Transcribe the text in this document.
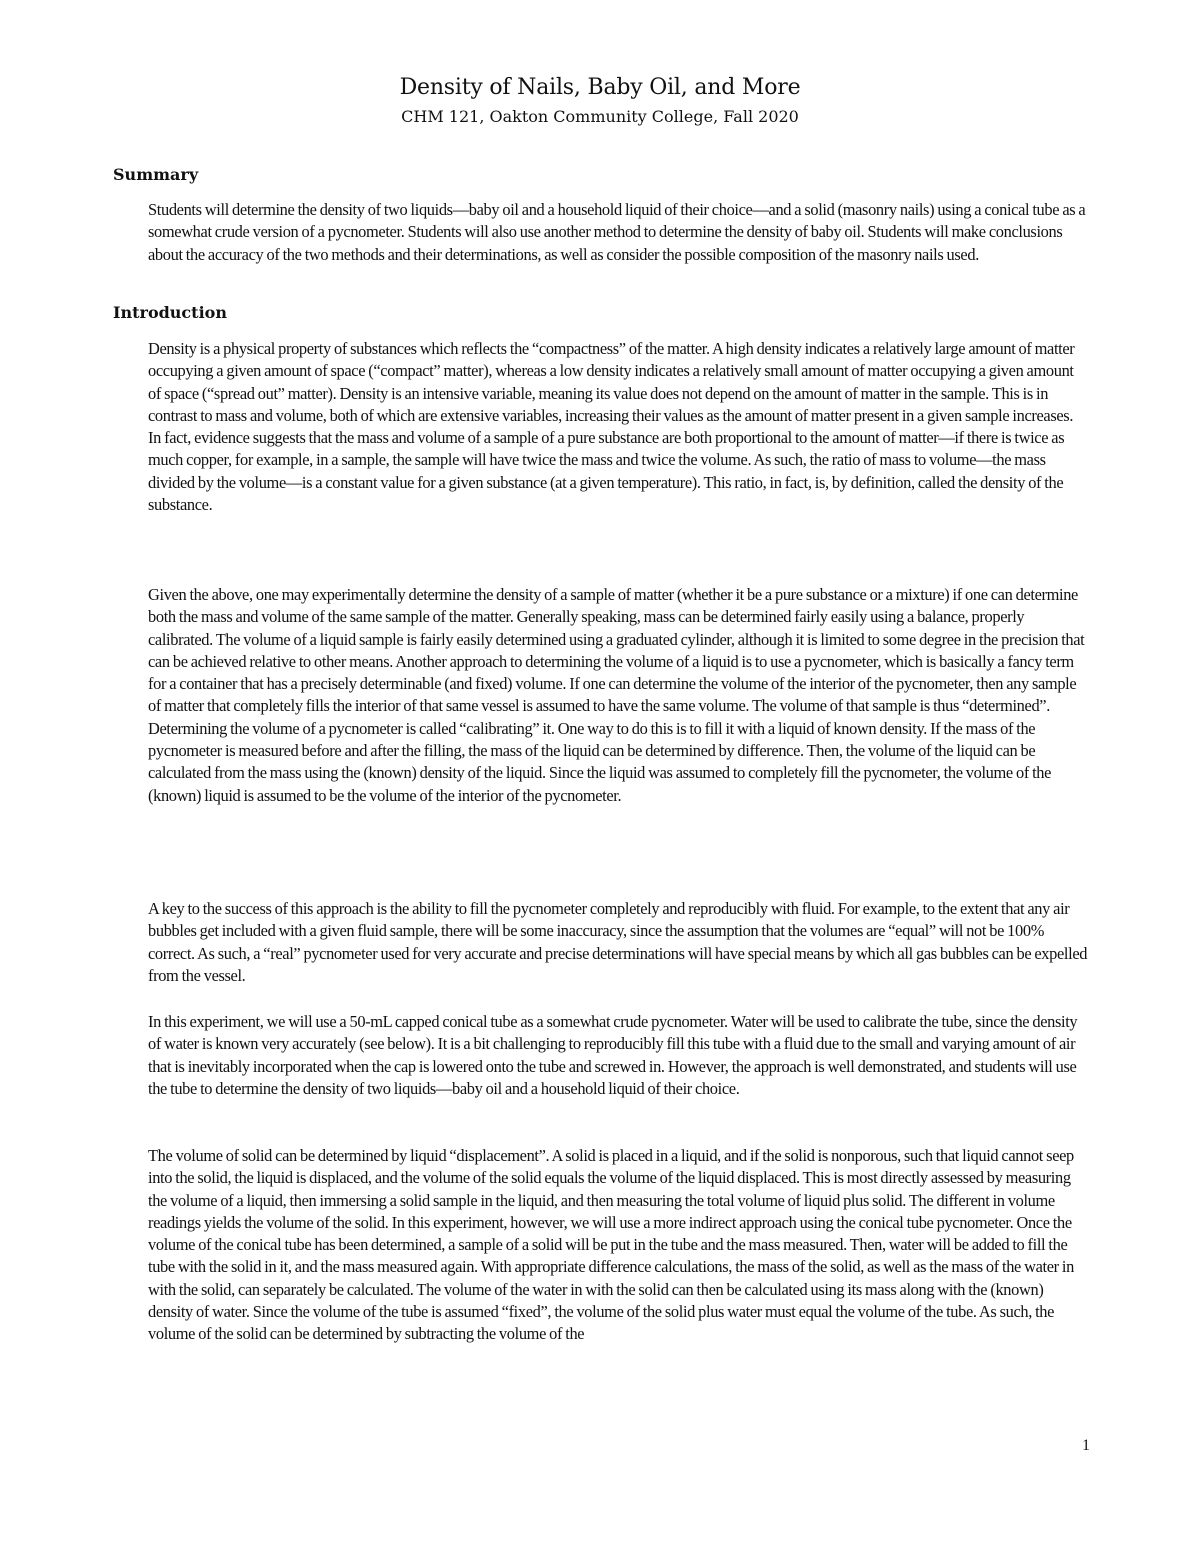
Density of Nails, Baby Oil, and More
CHM 121, Oakton Community College, Fall 2020
Summary

Students will determine the density of two liquids—baby oil and a household liquid of their choice—and a solid (masonry nails) using a conical tube as a somewhat crude version of a pycnometer. Students will also use another method to determine the density of baby oil. Students will make conclusions about the accuracy of the two methods and their determinations, as well as consider the possible composition of the masonry nails used.

Introduction

Density is a physical property of substances which reflects the “compactness” of the matter. A high density indicates a relatively large amount of matter occupying a given amount of space (“compact” matter), whereas a low density indicates a relatively small amount of matter occupying a given amount of space (“spread out” matter). Density is an intensive variable, meaning its value does not depend on the amount of matter in the sample. This is in contrast to mass and volume, both of which are extensive variables, increasing their values as the amount of matter present in a given sample increases. In fact, evidence suggests that the mass and volume of a sample of a pure substance are both proportional to the amount of matter—if there is twice as much copper, for example, in a sample, the sample will have twice the mass and twice the volume. As such, the ratio of mass to volume—the mass divided by the volume—is a constant value for a given substance (at a given temperature). This ratio, in fact, is, by definition, called the density of the substance.

Given the above, one may experimentally determine the density of a sample of matter (whether it be a pure substance or a mixture) if one can determine both the mass and volume of the same sample of the matter. Generally speaking, mass can be determined fairly easily using a balance, properly calibrated. The volume of a liquid sample is fairly easily determined using a graduated cylinder, although it is limited to some degree in the precision that can be achieved relative to other means. Another approach to determining the volume of a liquid is to use a pycnometer, which is basically a fancy term for a container that has a precisely determinable (and fixed) volume. If one can determine the volume of the interior of the pycnometer, then any sample of matter that completely fills the interior of that same vessel is assumed to have the same volume. The volume of that sample is thus “determined”. Determining the volume of a pycnometer is called “calibrating” it. One way to do this is to fill it with a liquid of known density. If the mass of the pycnometer is measured before and after the filling, the mass of the liquid can be determined by difference. Then, the volume of the liquid can be calculated from the mass using the (known) density of the liquid. Since the liquid was assumed to completely fill the pycnometer, the volume of the (known) liquid is assumed to be the volume of the interior of the pycnometer.

A key to the success of this approach is the ability to fill the pycnometer completely and reproducibly with fluid. For example, to the extent that any air bubbles get included with a given fluid sample, there will be some inaccuracy, since the assumption that the volumes are “equal” will not be 100% correct. As such, a “real” pycnometer used for very accurate and precise determinations will have special means by which all gas bubbles can be expelled from the vessel.

In this experiment, we will use a 50-mL capped conical tube as a somewhat crude pycnometer. Water will be used to calibrate the tube, since the density of water is known very accurately (see below). It is a bit challenging to reproducibly fill this tube with a fluid due to the small and varying amount of air that is inevitably incorporated when the cap is lowered onto the tube and screwed in. However, the approach is well demonstrated, and students will use the tube to determine the density of two liquids—baby oil and a household liquid of their choice.

The volume of solid can be determined by liquid “displacement”. A solid is placed in a liquid, and if the solid is nonporous, such that liquid cannot seep into the solid, the liquid is displaced, and the volume of the solid equals the volume of the liquid displaced. This is most directly assessed by measuring the volume of a liquid, then immersing a solid sample in the liquid, and then measuring the total volume of liquid plus solid. The different in volume readings yields the volume of the solid. In this experiment, however, we will use a more indirect approach using the conical tube pycnometer. Once the volume of the conical tube has been determined, a sample of a solid will be put in the tube and the mass measured. Then, water will be added to fill the tube with the solid in it, and the mass measured again. With appropriate difference calculations, the mass of the solid, as well as the mass of the water in with the solid, can separately be calculated. The volume of the water in with the solid can then be calculated using its mass along with the (known) density of water. Since the volume of the tube is assumed “fixed”, the volume of the solid plus water must equal the volume of the tube. As such, the volume of the solid can be determined by subtracting the volume of the

1
